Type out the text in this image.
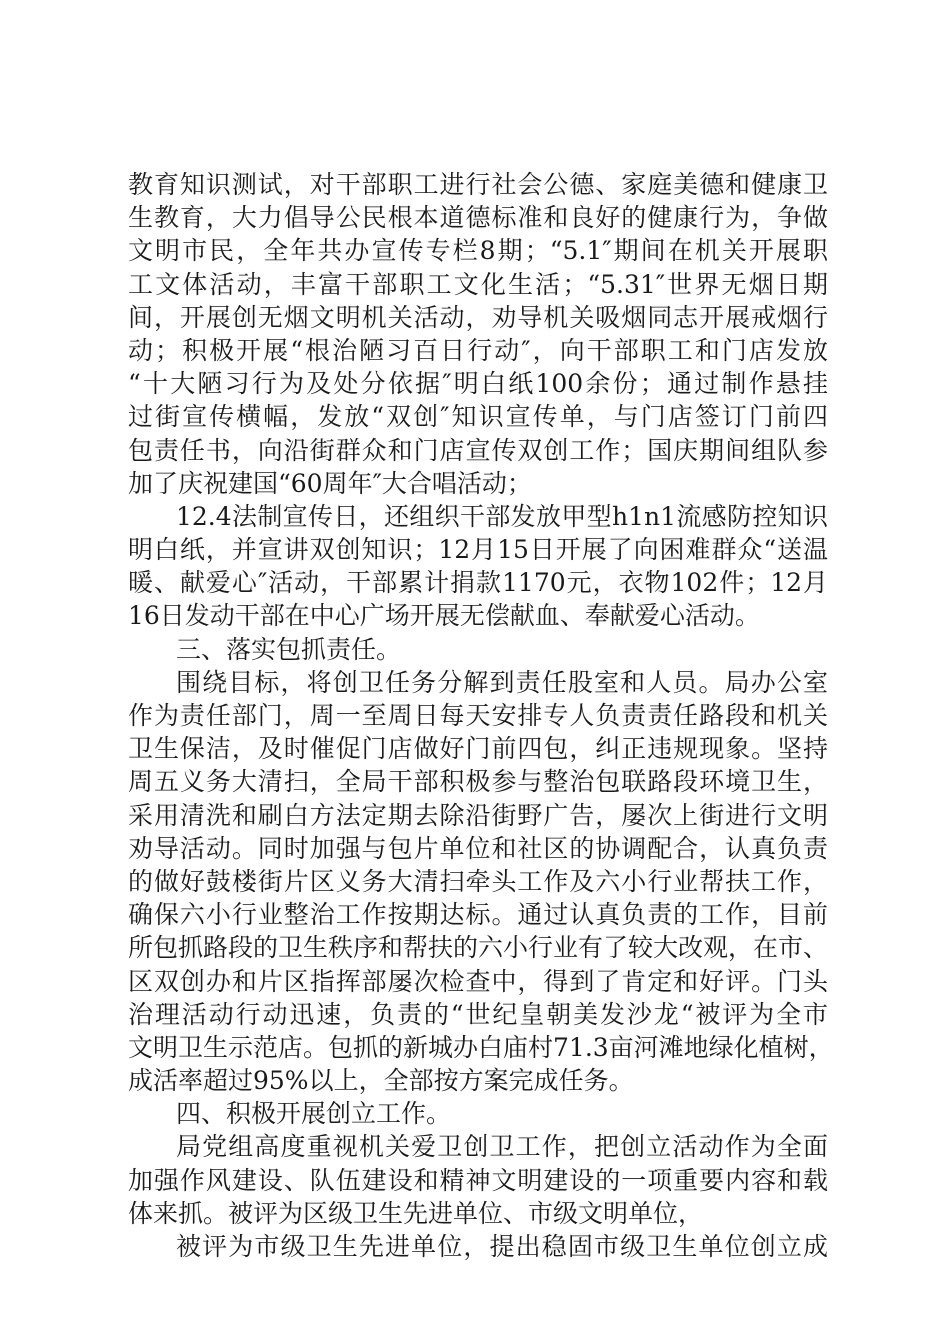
教育知识测试，对干部职工进行社会公德、家庭美德和健康卫
生教育，大力倡导公民根本道德标准和良好的健康行为，争做
文明市民，全年共办宣传专栏8期；“5.1″期间在机关开展职
工文体活动，丰富干部职工文化生活；“5.31″世界无烟日期
间，开展创无烟文明机关活动，劝导机关吸烟同志开展戒烟行
动；积极开展“根治陋习百日行动″，向干部职工和门店发放
“十大陋习行为及处分依据″明白纸100余份；通过制作悬挂
过街宣传横幅，发放“双创″知识宣传单，与门店签订门前四
包责任书，向沿街群众和门店宣传双创工作；国庆期间组队参
加了庆祝建国“60周年″大合唱活动；
12.4法制宣传日，还组织干部发放甲型h1n1流感防控知识
明白纸，并宣讲双创知识；12月15日开展了向困难群众“送温
暖、献爱心″活动，干部累计捐款1170元，衣物102件；12月
16日发动干部在中心广场开展无偿献血、奉献爱心活动。
三、落实包抓责任。
围绕目标，将创卫任务分解到责任股室和人员。局办公室
作为责任部门，周一至周日每天安排专人负责责任路段和机关
卫生保洁，及时催促门店做好门前四包，纠正违规现象。坚持
周五义务大清扫，全局干部积极参与整治包联路段环境卫生，
采用清洗和刷白方法定期去除沿街野广告，屡次上街进行文明
劝导活动。同时加强与包片单位和社区的协调配合，认真负责
的做好鼓楼街片区义务大清扫牵头工作及六小行业帮扶工作，
确保六小行业整治工作按期达标。通过认真负责的工作，目前
所包抓路段的卫生秩序和帮扶的六小行业有了较大改观，在市、
区双创办和片区指挥部屡次检查中，得到了肯定和好评。门头
治理活动行动迅速，负责的“世纪皇朝美发沙龙“被评为全市
文明卫生示范店。包抓的新城办白庙村71.3亩河滩地绿化植树，
成活率超过95%以上，全部按方案完成任务。
四、积极开展创立工作。
局党组高度重视机关爱卫创卫工作，把创立活动作为全面
加强作风建设、队伍建设和精神文明建设的一项重要内容和载
体来抓。被评为区级卫生先进单位、市级文明单位，
被评为市级卫生先进单位，提出稳固市级卫生单位创立成
